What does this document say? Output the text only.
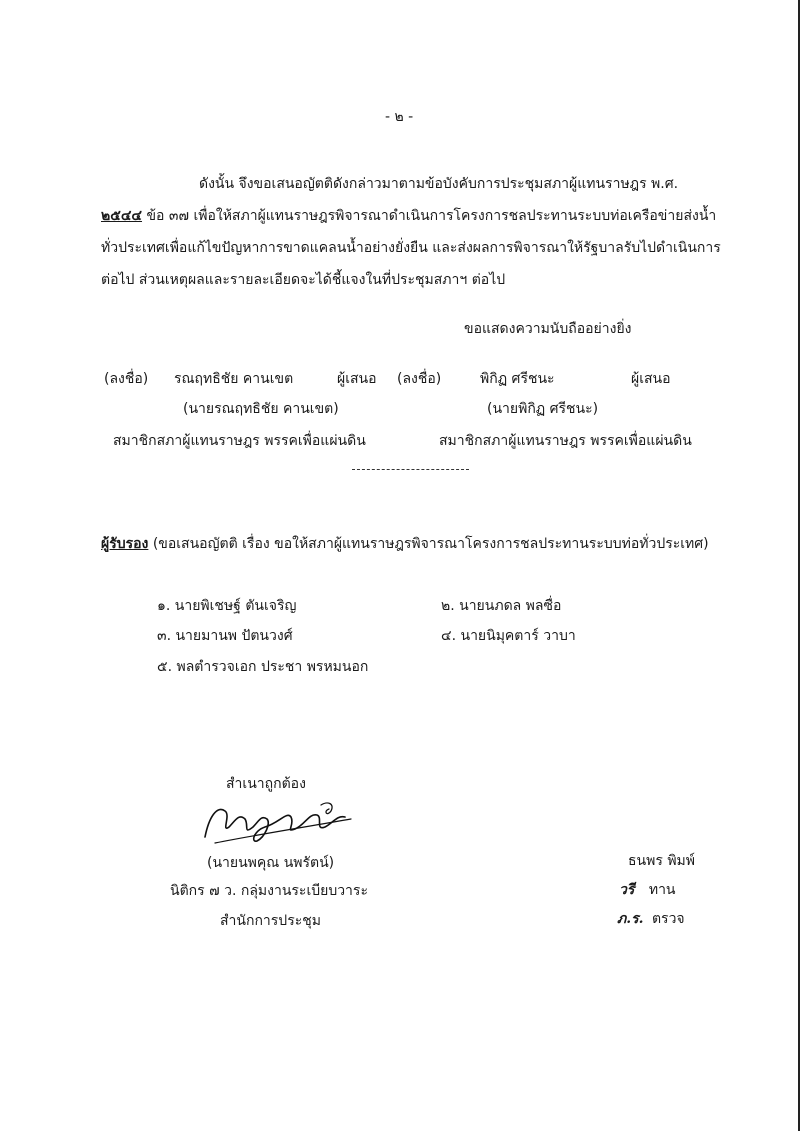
- ๒ -
ดังนั้น จึงขอเสนอญัตติดังกล่าวมาตามข้อบังคับการประชุมสภาผู้แทนราษฎร พ.ศ.
๒๕๔๔ ข้อ ๓๗ เพื่อให้สภาผู้แทนราษฎรพิจารณาดำเนินการโครงการชลประทานระบบท่อเครือข่ายส่งน้ำ
ทั่วประเทศเพื่อแก้ไขปัญหาการขาดแคลนน้ำอย่างยั่งยืน และส่งผลการพิจารณาให้รัฐบาลรับไปดำเนินการ
ต่อไป ส่วนเหตุผลและรายละเอียดจะได้ชี้แจงในที่ประชุมสภาฯ ต่อไป
ขอแสดงความนับถืออย่างยิ่ง
(ลงชื่อ) รณฤทธิชัย คานเขต	ผู้เสนอ
(นายรณฤทธิชัย คานเขต)
สมาชิกสภาผู้แทนราษฎร พรรคเพื่อแผ่นดิน
(ลงชื่อ)	พิกิฏ ศรีชนะ	ผู้เสนอ
(นายพิกิฏ ศรีชนะ)
สมาชิกสภาผู้แทนราษฎร พรรคเพื่อแผ่นดิน
ผู้รับรอง (ขอเสนอญัตติ เรื่อง ขอให้สภาผู้แทนราษฎรพิจารณาโครงการชลประทานระบบท่อทั่วประเทศ)
๑. นายพิเชษฐ์ ตันเจริญ	๒. นายนภดล พลซื่อ
๓. นายมานพ ปัตนวงศ์	๔. นายนิมุคตาร์ วาบา
๕. พลตำรวจเอก ประชา พรหมนอก
สำเนาถูกต้อง
(นายนพคุณ นพรัตน์)
นิติกร ๗ ว. กลุ่มงานระเบียบวาระ
สำนักการประชุม
ธนพร พิมพ์
วรี ทาน
ภ.ร. ตรวจ
